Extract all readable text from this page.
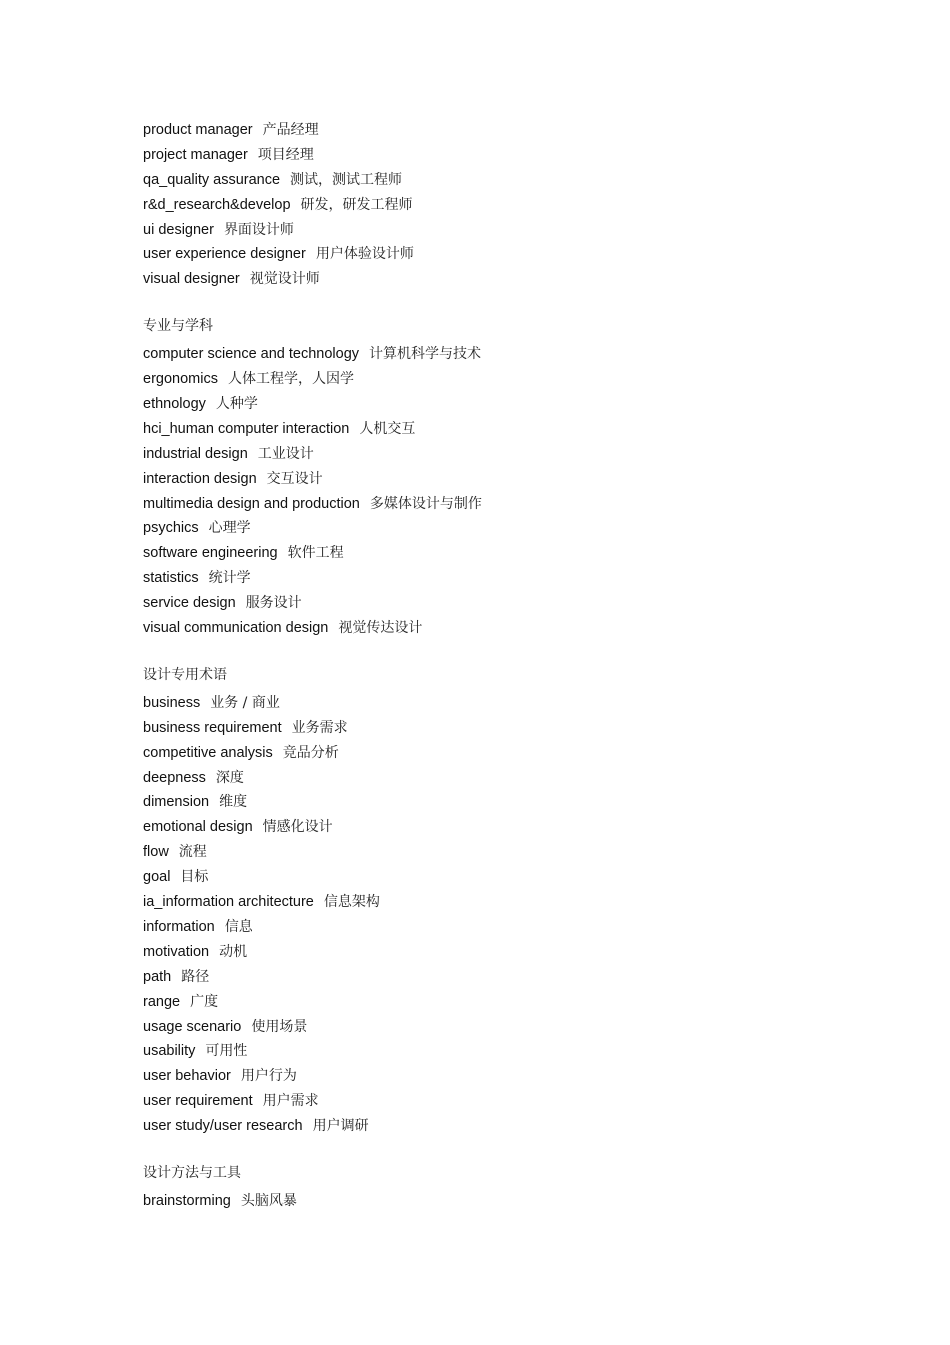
product manager 产品经理
project manager 项目经理
qa_quality assurance 测试，测试工程师
r&d_research&develop 研发，研发工程师
ui designer 界面设计师
user experience designer 用户体验设计师
visual designer 视觉设计师
专业与学科
computer science and technology 计算机科学与技术
ergonomics 人体工程学，人因学
ethnology 人种学
hci_human computer interaction 人机交互
industrial design 工业设计
interaction design 交互设计
multimedia design and production 多媒体设计与制作
psychics 心理学
software engineering 软件工程
statistics 统计学
service design 服务设计
visual communication design 视觉传达设计
设计专用术语
business 业务 / 商业
business requirement 业务需求
competitive analysis 竞品分析
deepness 深度
dimension 维度
emotional design 情感化设计
flow 流程
goal 目标
ia_information architecture 信息架构
information 信息
motivation 动机
path 路径
range 广度
usage scenario 使用场景
usability 可用性
user behavior 用户行为
user requirement 用户需求
user study/user research 用户调研
设计方法与工具
brainstorming 头脑风暴
